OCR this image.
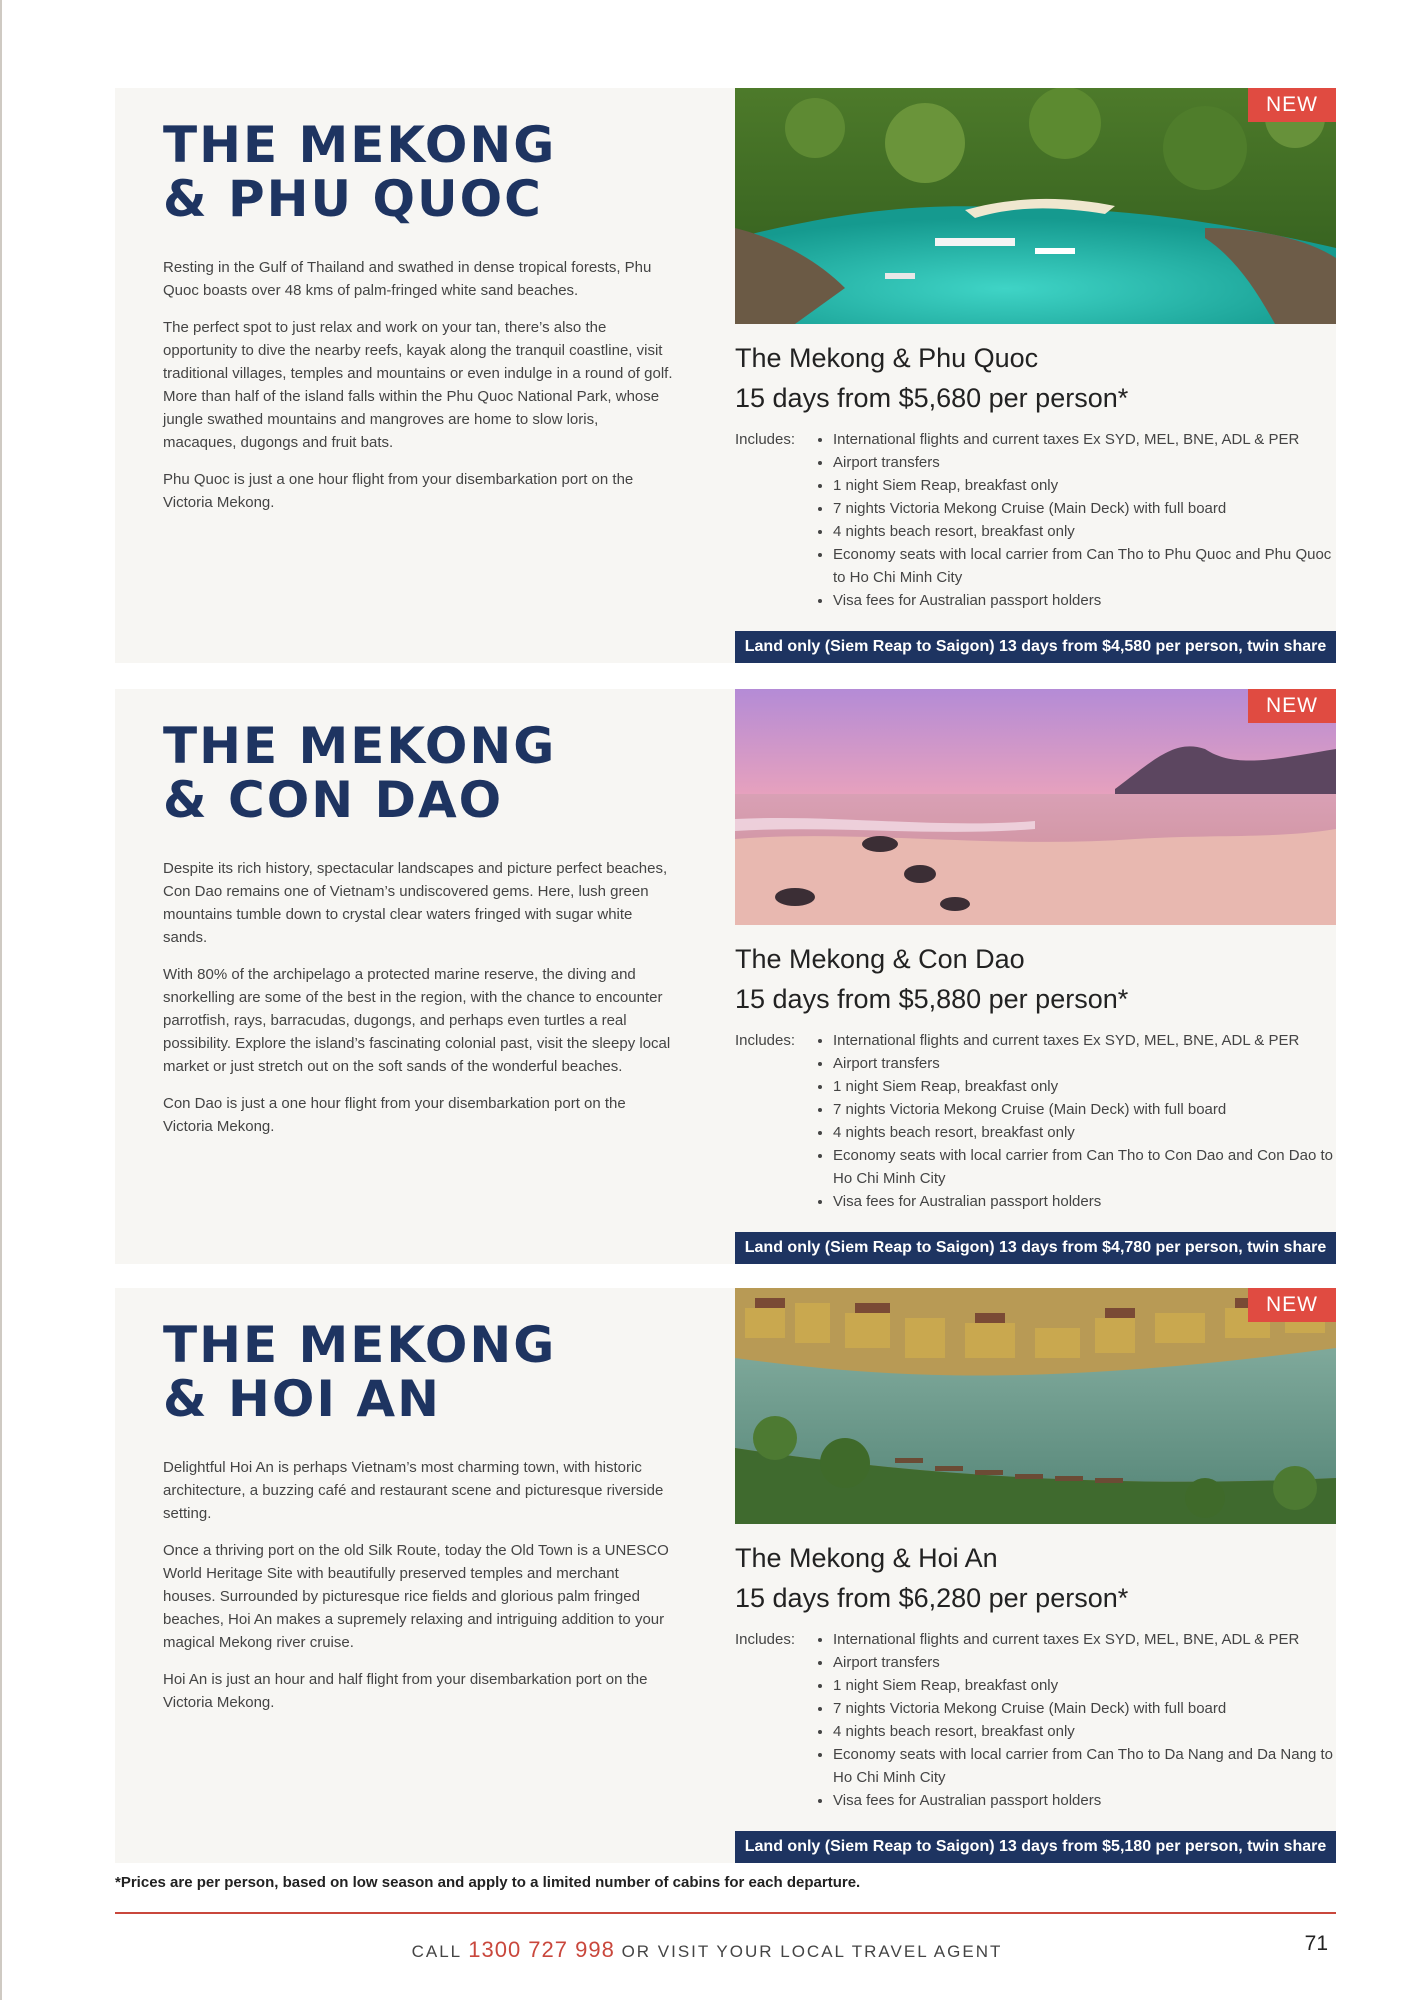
THE MEKONG
& PHU QUOC

Resting in the Gulf of Thailand and swathed in dense tropical forests, Phu Quoc boasts over 48 kms of palm-fringed white sand beaches.

The perfect spot to just relax and work on your tan, there’s also the opportunity to dive the nearby reefs, kayak along the tranquil coastline, visit traditional villages, temples and mountains or even indulge in a round of golf. More than half of the island falls within the Phu Quoc National Park, whose jungle swathed mountains and mangroves are home to slow loris, macaques, dugongs and fruit bats.

Phu Quoc is just a one hour flight from your disembarkation port on the Victoria Mekong.

NEW

The Mekong & Phu Quoc

15 days from $5,680 per person*

Includes:	• International flights and current taxes Ex SYD, MEL, BNE, ADL & PER
• Airport transfers
• 1 night Siem Reap, breakfast only
• 7 nights Victoria Mekong Cruise (Main Deck) with full board
• 4 nights beach resort, breakfast only
• Economy seats with local carrier from Can Tho to Phu Quoc and Phu Quoc to Ho Chi Minh City
• Visa fees for Australian passport holders
Land only (Siem Reap to Saigon) 13 days from $4,580 per person, twin share
THE MEKONG
& CON DAO

Despite its rich history, spectacular landscapes and picture perfect beaches, Con Dao remains one of Vietnam’s undiscovered gems. Here, lush green mountains tumble down to crystal clear waters fringed with sugar white sands.

With 80% of the archipelago a protected marine reserve, the diving and snorkelling are some of the best in the region, with the chance to encounter parrotfish, rays, barracudas, dugongs, and perhaps even turtles a real possibility. Explore the island’s fascinating colonial past, visit the sleepy local market or just stretch out on the soft sands of the wonderful beaches.

Con Dao is just a one hour flight from your disembarkation port on the Victoria Mekong.

NEW

The Mekong & Con Dao

15 days from $5,880 per person*

Includes:	• International flights and current taxes Ex SYD, MEL, BNE, ADL & PER
• Airport transfers
• 1 night Siem Reap, breakfast only
• 7 nights Victoria Mekong Cruise (Main Deck) with full board
• 4 nights beach resort, breakfast only
• Economy seats with local carrier from Can Tho to Con Dao and Con Dao to Ho Chi Minh City
• Visa fees for Australian passport holders
Land only (Siem Reap to Saigon) 13 days from $4,780 per person, twin share
THE MEKONG
& HOI AN

Delightful Hoi An is perhaps Vietnam’s most charming town, with historic architecture, a buzzing café and restaurant scene and picturesque riverside setting.

Once a thriving port on the old Silk Route, today the Old Town is a UNESCO World Heritage Site with beautifully preserved temples and merchant houses. Surrounded by picturesque rice fields and glorious palm fringed beaches, Hoi An makes a supremely relaxing and intriguing addition to your magical Mekong river cruise.

Hoi An is just an hour and half flight from your disembarkation port on the Victoria Mekong.

NEW

The Mekong & Hoi An

15 days from $6,280 per person*

Includes:	• International flights and current taxes Ex SYD, MEL, BNE, ADL & PER
• Airport transfers
• 1 night Siem Reap, breakfast only
• 7 nights Victoria Mekong Cruise (Main Deck) with full board
• 4 nights beach resort, breakfast only
• Economy seats with local carrier from Can Tho to Da Nang and Da Nang to Ho Chi Minh City
• Visa fees for Australian passport holders
Land only (Siem Reap to Saigon) 13 days from $5,180 per person, twin share
*Prices are per person, based on low season and apply to a limited number of cabins for each departure.
CALL 1300 727 998 OR VISIT YOUR LOCAL TRAVEL AGENT	71
